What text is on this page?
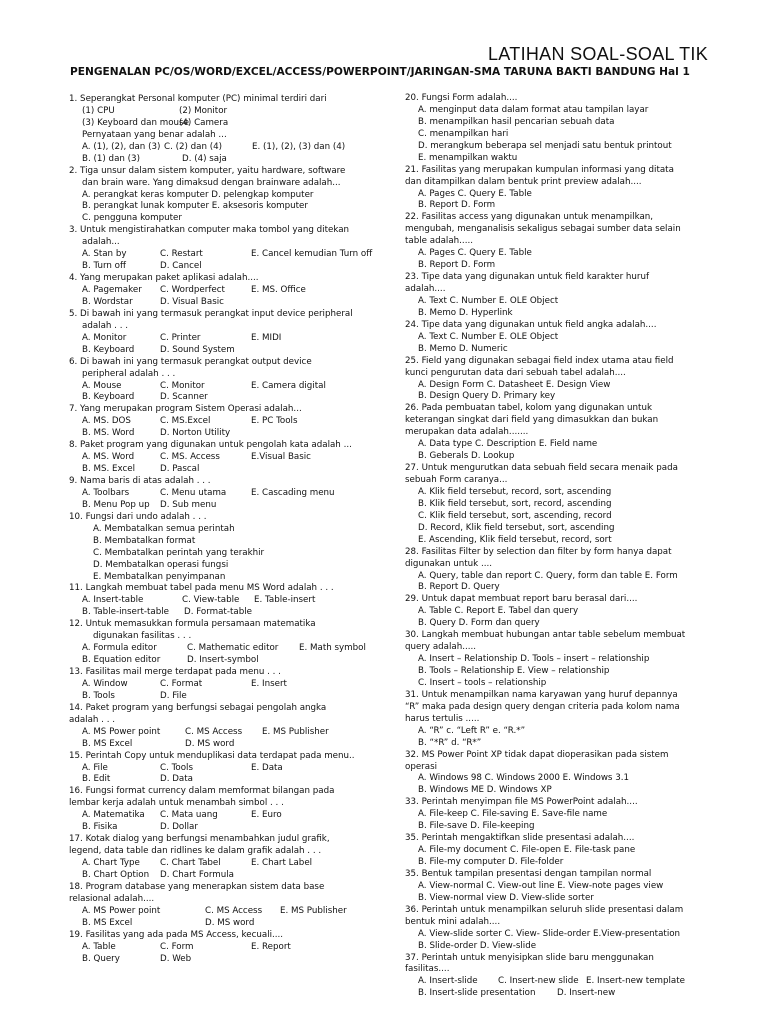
LATIHAN SOAL-SOAL TIK
PENGENALAN PC/OS/WORD/EXCEL/ACCESS/POWERPOINT/JARINGAN-SMA TARUNA BAKTI BANDUNG Hal 1
1. Seperangkat Personal komputer (PC) minimal terdiri dari
(1) CPU	(2) Monitor
(3) Keyboard dan mouse(4) Camera
Pernyataan yang benar adalah ...
A. (1), (2), dan (3) C. (2) dan (4)	E. (1), (2), (3) dan (4)
B. (1) dan (3)	D. (4) saja
2. Tiga unsur dalam sistem komputer, yaitu hardware, software
dan brain ware. Yang dimaksud dengan brainware adalah...
A. perangkat keras komputer D. pelengkap komputer
B. perangkat lunak komputer E. aksesoris komputer
C. pengguna komputer
3. Untuk mengistirahatkan computer maka tombol yang ditekan
adalah...
A. Stan by	C. Restart	E. Cancel kemudian Turn off
B. Turn off	D. Cancel
4. Yang merupakan paket aplikasi adalah....
A. Pagemaker C. Wordperfect	E. MS. Office
B. Wordstar	D. Visual Basic
5. Di bawah ini yang termasuk perangkat input device peripheral
adalah . . .
A. Monitor	C. Printer	E. MIDI
B. Keyboard	D. Sound System
6. Di bawah ini yang termasuk perangkat output device
peripheral adalah . . .
A. Mouse	C. Monitor	E. Camera digital
B. Keyboard	D. Scanner
7. Yang merupakan program Sistem Operasi adalah...
A. MS. DOS	C. MS.Excel	E. PC Tools
B. MS. Word	D. Norton Utility
8. Paket program yang digunakan untuk pengolah kata adalah ...
A. MS. Word	C. MS. Access	E.Visual Basic
B. MS. Excel	D. Pascal
9. Nama baris di atas adalah . . .
A. Toolbars	C. Menu utama	E. Cascading menu
B. Menu Pop up D. Sub menu
10. Fungsi dari undo adalah . . .
A. Membatalkan semua perintah
B. Membatalkan format
C. Membatalkan perintah yang terakhir
D. Membatalkan operasi fungsi
E. Membatalkan penyimpanan
11. Langkah membuat tabel pada menu MS Word adalah . . .
A. Insert-table	C. View-table E. Table-insert
B. Table-insert-table D. Format-table
12. Untuk memasukkan formula persamaan matematika
digunakan fasilitas . . .
A. Formula editor	C. Mathematic editor E. Math symbol
B. Equation editor	D. Insert-symbol
13. Fasilitas mail merge terdapat pada menu . . .
A. Window	C. Format	E. Insert
B. Tools	D. File
14. Paket program yang berfungsi sebagai pengolah angka
adalah . . .
A. MS Power point	C. MS Access E. MS Publisher
B. MS Excel	D. MS word
15. Perintah Copy untuk menduplikasi data terdapat pada menu..
A. File	C. Tools	E. Data
B. Edit	D. Data
16. Fungsi format currency dalam memformat bilangan pada
lembar kerja adalah untuk menambah simbol . . .
A. Matematika C. Mata uang	E. Euro
B. Fisika	D. Dollar
17. Kotak dialog yang berfungsi menambahkan judul grafik,
legend, data table dan ridlines ke dalam grafik adalah . . .
A. Chart Type C. Chart Tabel	E. Chart Label
B. Chart Option D. Chart Formula
18. Program database yang menerapkan sistem data base
relasional adalah....
A. MS Power point	C. MS Access E. MS Publisher
B. MS Excel	D. MS word
19. Fasilitas yang ada pada MS Access, kecuali....
A. Table	C. Form	E. Report
B. Query	D. Web
20. Fungsi Form adalah....
A. menginput data dalam format atau tampilan layar
B. menampilkan hasil pencarian sebuah data
C. menampilkan hari
D. merangkum beberapa sel menjadi satu bentuk printout
E. menampilkan waktu
21. Fasilitas yang merupakan kumpulan informasi yang ditata
dan ditampilkan dalam bentuk print preview adalah....
A. Pages C. Query E. Table
B. Report D. Form
22. Fasilitas access yang digunakan untuk menampilkan,
mengubah, menganalisis sekaligus sebagai sumber data selain
table adalah.....
A. Pages C. Query E. Table
B. Report D. Form
23. Tipe data yang digunakan untuk field karakter huruf
adalah....
A. Text C. Number E. OLE Object
B. Memo D. Hyperlink
24. Tipe data yang digunakan untuk field angka adalah....
A. Text C. Number E. OLE Object
B. Memo D. Numeric
25. Field yang digunakan sebagai field index utama atau field
kunci pengurutan data dari sebuah tabel adalah....
A. Design Form C. Datasheet E. Design View
B. Design Query D. Primary key
26. Pada pembuatan tabel, kolom yang digunakan untuk
keterangan singkat dari field yang dimasukkan dan bukan
merupakan data adalah.......
A. Data type C. Description E. Field name
B. Geberals D. Lookup
27. Untuk mengurutkan data sebuah field secara menaik pada
sebuah Form caranya...
A. Klik field tersebut, record, sort, ascending
B. Klik field tersebut, sort, record, ascending
C. Klik field tersebut, sort, ascending, record
D. Record, Klik field tersebut, sort, ascending
E. Ascending, Klik field tersebut, record, sort
28. Fasilitas Filter by selection dan filter by form hanya dapat
digunakan untuk ....
A. Query, table dan report C. Query, form dan table E. Form
B. Report D. Query
29. Untuk dapat membuat report baru berasal dari....
A. Table C. Report E. Tabel dan query
B. Query D. Form dan query
30. Langkah membuat hubungan antar table sebelum membuat
query adalah.....
A. Insert – Relationship D. Tools – insert – relationship
B. Tools – Relationship E. View – relationship
C. Insert – tools – relationship
31. Untuk menampilkan nama karyawan yang huruf depannya
“R” maka pada design query dengan criteria pada kolom nama
harus tertulis .....
A. “R” c. “Left R” e. “R.*”
B. “*R” d. “R*”
32. MS Power Point XP tidak dapat dioperasikan pada sistem
operasi
A. Windows 98 C. Windows 2000 E. Windows 3.1
B. Windows ME D. Windows XP
33. Perintah menyimpan file MS PowerPoint adalah....
A. File-keep C. File-saving E. Save-file name
B. File-save D. File-keeping
35. Perintah mengaktifkan slide presentasi adalah....
A. File-my document C. File-open E. File-task pane
B. File-my computer D. File-folder
35. Bentuk tampilan presentasi dengan tampilan normal
A. View-normal C. View-out line E. View-note pages view
B. View-normal view D. View-slide sorter
36. Perintah untuk menampilkan seluruh slide presentasi dalam
bentuk mini adalah....
A. View-slide sorter C. View- Slide-order E.View-presentation
B. Slide-order D. View-slide
37. Perintah untuk menyisipkan slide baru menggunakan
fasilitas....
A. Insert-slide C. Insert-new slide E. Insert-new template
B. Insert-slide presentation D. Insert-new
